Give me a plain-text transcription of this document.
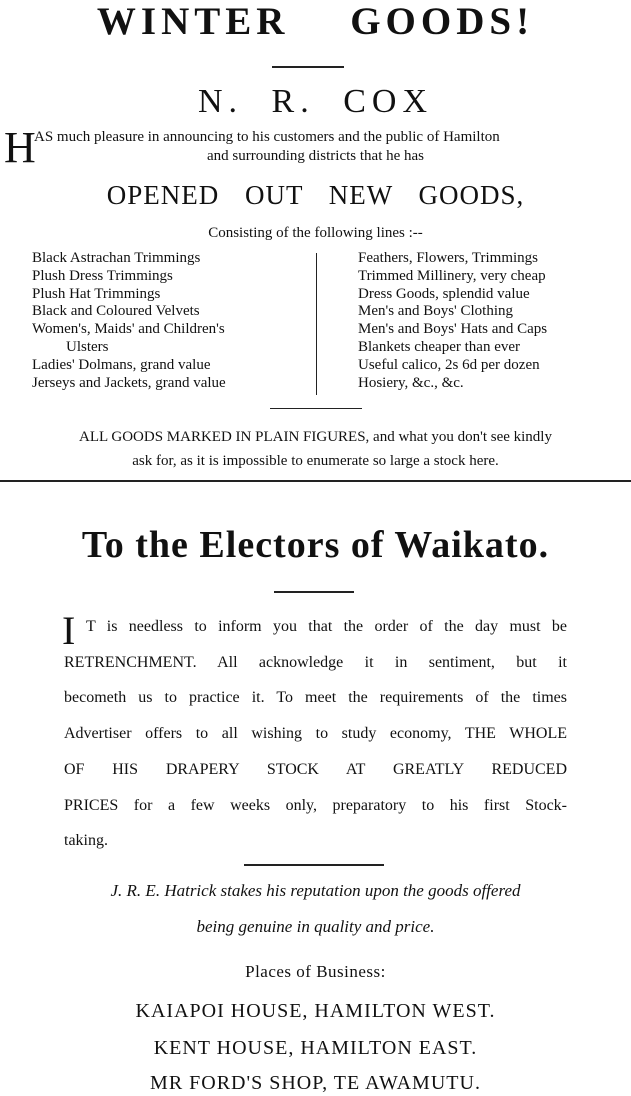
WINTER GOODS!
N. R. COX
H
AS much pleasure in announcing to his customers and the public of Hamilton
and surrounding districts that he has
OPENED OUT NEW GOODS,
Consisting of the following lines :--
Black Astrachan Trimmings
Plush Dress Trimmings
Plush Hat Trimmings
Black and Coloured Velvets
Women's, Maids' and Children's
Ulsters
Ladies' Dolmans, grand value
Jerseys and Jackets, grand value
Feathers, Flowers, Trimmings
Trimmed Millinery, very cheap
Dress Goods, splendid value
Men's and Boys' Clothing
Men's and Boys' Hats and Caps
Blankets cheaper than ever
Useful calico, 2s 6d per dozen
Hosiery, &c., &c.
ALL GOODS MARKED IN PLAIN FIGURES, and what you don't see kindly
ask for, as it is impossible to enumerate so large a stock here.
To the Electors of Waikato.
I T is needless to inform you that the order of the day must be
RETRENCHMENT. All acknowledge it in sentiment, but it
becometh us to practice it. To meet the requirements of the times
Advertiser offers to all wishing to study economy, THE WHOLE
OF HIS DRAPERY STOCK AT GREATLY REDUCED
PRICES for a few weeks only, preparatory to his first Stock-
taking.
J. R. E. Hatrick stakes his reputation upon the goods offered
being genuine in quality and price.
Places of Business:
KAIAPOI HOUSE, HAMILTON WEST.
KENT HOUSE, HAMILTON EAST.
MR FORD'S SHOP, TE AWAMUTU.
